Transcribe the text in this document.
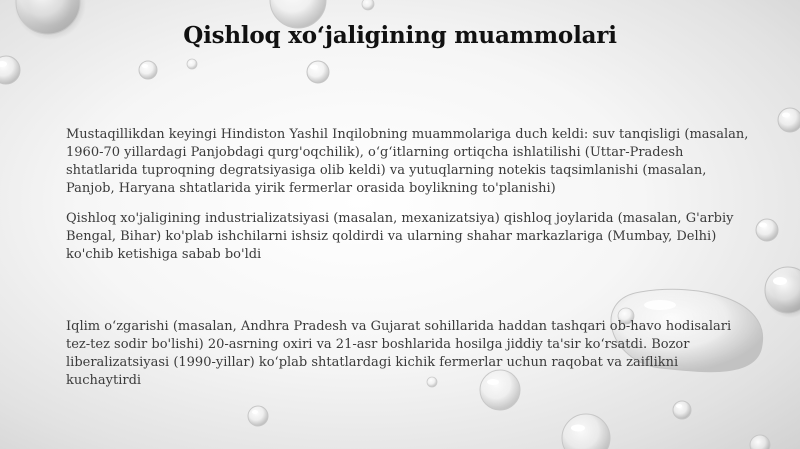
Qishloq xo‘jaligining muammolari

Mustaqillikdan keyingi Hindiston Yashil Inqilobning muammolariga duch keldi: suv tanqisligi (masalan, 1960-70 yillardagi Panjobdagi qurg'oqchilik), o‘g‘itlarning ortiqcha ishlatilishi (Uttar-Pradesh shtatlarida tuproqning degratsiyasiga olib keldi) va yutuqlarning notekis taqsimlanishi (masalan, Panjob, Haryana shtatlarida yirik fermerlar orasida boylikning to'planishi)

Qishloq xo'jaligining industrializatsiyasi (masalan, mexanizatsiya) qishloq joylarida (masalan, G'arbiy Bengal, Bihar) ko'plab ishchilarni ishsiz qoldirdi va ularning shahar markazlariga (Mumbay, Delhi) ko'chib ketishiga sabab bo'ldi

Iqlim o‘zgarishi (masalan, Andhra Pradesh va Gujarat sohillarida haddan tashqari ob-havo hodisalari tez-tez sodir bo'lishi) 20-asrning oxiri va 21-asr boshlarida hosilga jiddiy ta'sir ko‘rsatdi. Bozor liberalizatsiyasi (1990-yillar) ko‘plab shtatlardagi kichik fermerlar uchun raqobat va zaiflikni kuchaytirdi
